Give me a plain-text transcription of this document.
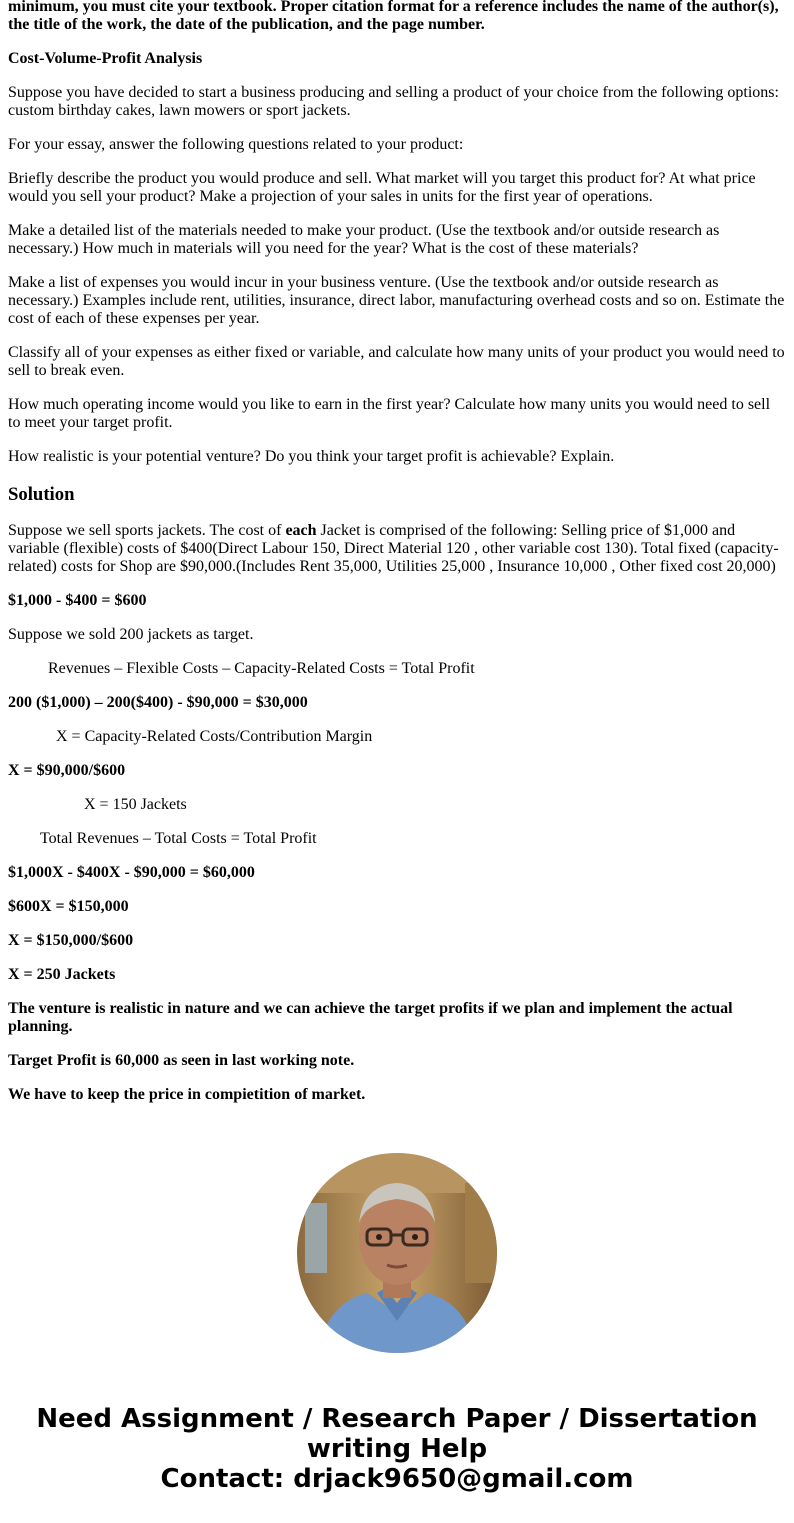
minimum, you must cite your textbook. Proper citation format for a reference includes the name of the author(s), the title of the work, the date of the publication, and the page number.

Cost-Volume-Profit Analysis

Suppose you have decided to start a business producing and selling a product of your choice from the following options: custom birthday cakes, lawn mowers or sport jackets.

For your essay, answer the following questions related to your product:

Briefly describe the product you would produce and sell. What market will you target this product for? At what price would you sell your product? Make a projection of your sales in units for the first year of operations.

Make a detailed list of the materials needed to make your product. (Use the textbook and/or outside research as necessary.) How much in materials will you need for the year? What is the cost of these materials?

Make a list of expenses you would incur in your business venture. (Use the textbook and/or outside research as necessary.) Examples include rent, utilities, insurance, direct labor, manufacturing overhead costs and so on. Estimate the cost of each of these expenses per year.

Classify all of your expenses as either fixed or variable, and calculate how many units of your product you would need to sell to break even.

How much operating income would you like to earn in the first year? Calculate how many units you would need to sell to meet your target profit.

How realistic is your potential venture? Do you think your target profit is achievable? Explain.

Solution

Suppose we sell sports jackets. The cost of each Jacket is comprised of the following: Selling price of $1,000 and variable (flexible) costs of $400(Direct Labour 150, Direct Material 120 , other variable cost 130). Total fixed (capacity-related) costs for Shop are $90,000.(Includes Rent 35,000, Utilities 25,000 , Insurance 10,000 , Other fixed cost 20,000)

$1,000 - $400 = $600

Suppose we sold 200 jackets as target.

Revenues – Flexible Costs – Capacity-Related Costs = Total Profit

200 ($1,000) – 200($400) - $90,000 = $30,000

X = Capacity-Related Costs/Contribution Margin

X = $90,000/$600

X = 150 Jackets

Total Revenues – Total Costs = Total Profit

$1,000X - $400X - $90,000 = $60,000

$600X = $150,000

X = $150,000/$600

X = 250 Jackets

The venture is realistic in nature and we can achieve the target profits if we plan and implement the actual planning.

Target Profit is 60,000 as seen in last working note.

We have to keep the price in compietition of market.

Need Assignment / Research Paper / Dissertation
writing Help
Contact: drjack9650@gmail.com
